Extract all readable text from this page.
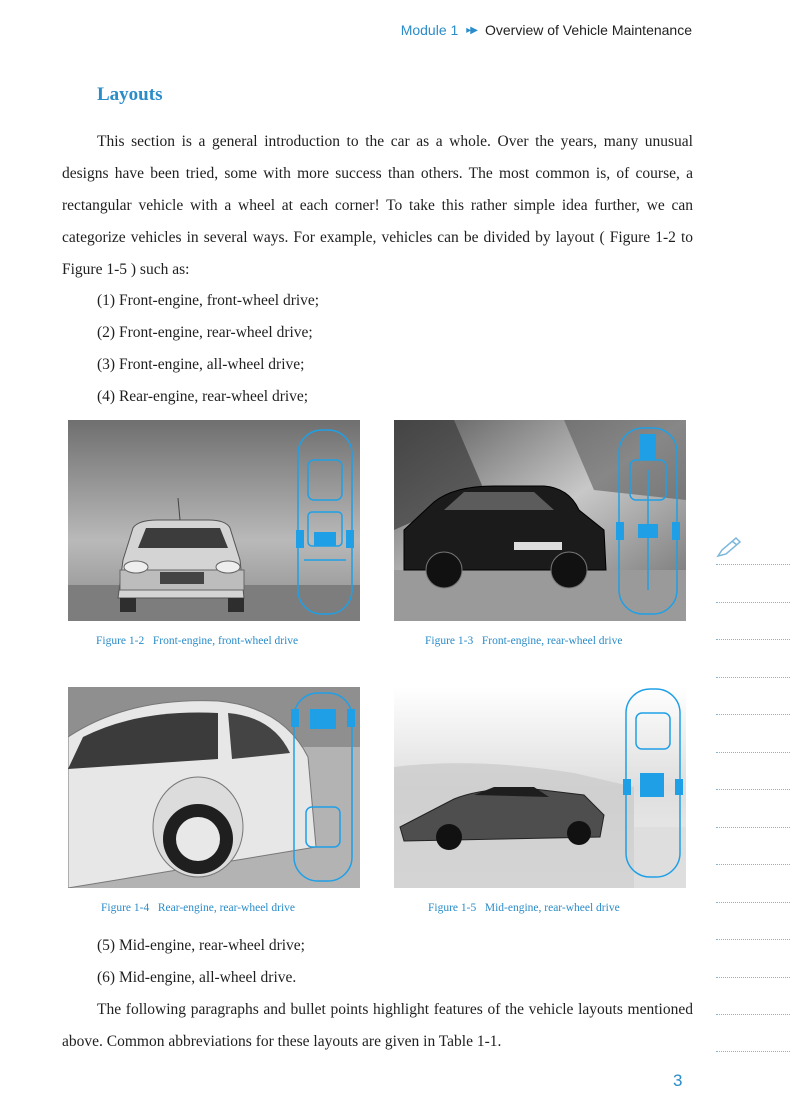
Module 1 ▸▶ Overview of Vehicle Maintenance
Layouts

This section is a general introduction to the car as a whole. Over the years, many unusual designs have been tried, some with more success than others. The most common is, of course, a rectangular vehicle with a wheel at each corner! To take this rather simple idea further, we can categorize vehicles in several ways. For example, vehicles can be divided by layout ( Figure 1-2 to Figure 1-5 ) such as:

(1) Front-engine, front-wheel drive;
(2) Front-engine, rear-wheel drive;
(3) Front-engine, all-wheel drive;
(4) Rear-engine, rear-wheel drive;
Figure 1-2   Front-engine, front-wheel drive	Figure 1-3   Front-engine, rear-wheel drive
Figure 1-4   Rear-engine, rear-wheel drive	Figure 1-5   Mid-engine, rear-wheel drive
(5) Mid-engine, rear-wheel drive;
(6) Mid-engine, all-wheel drive.

The following paragraphs and bullet points highlight features of the vehicle layouts mentioned above. Common abbreviations for these layouts are given in Table 1-1.

3
